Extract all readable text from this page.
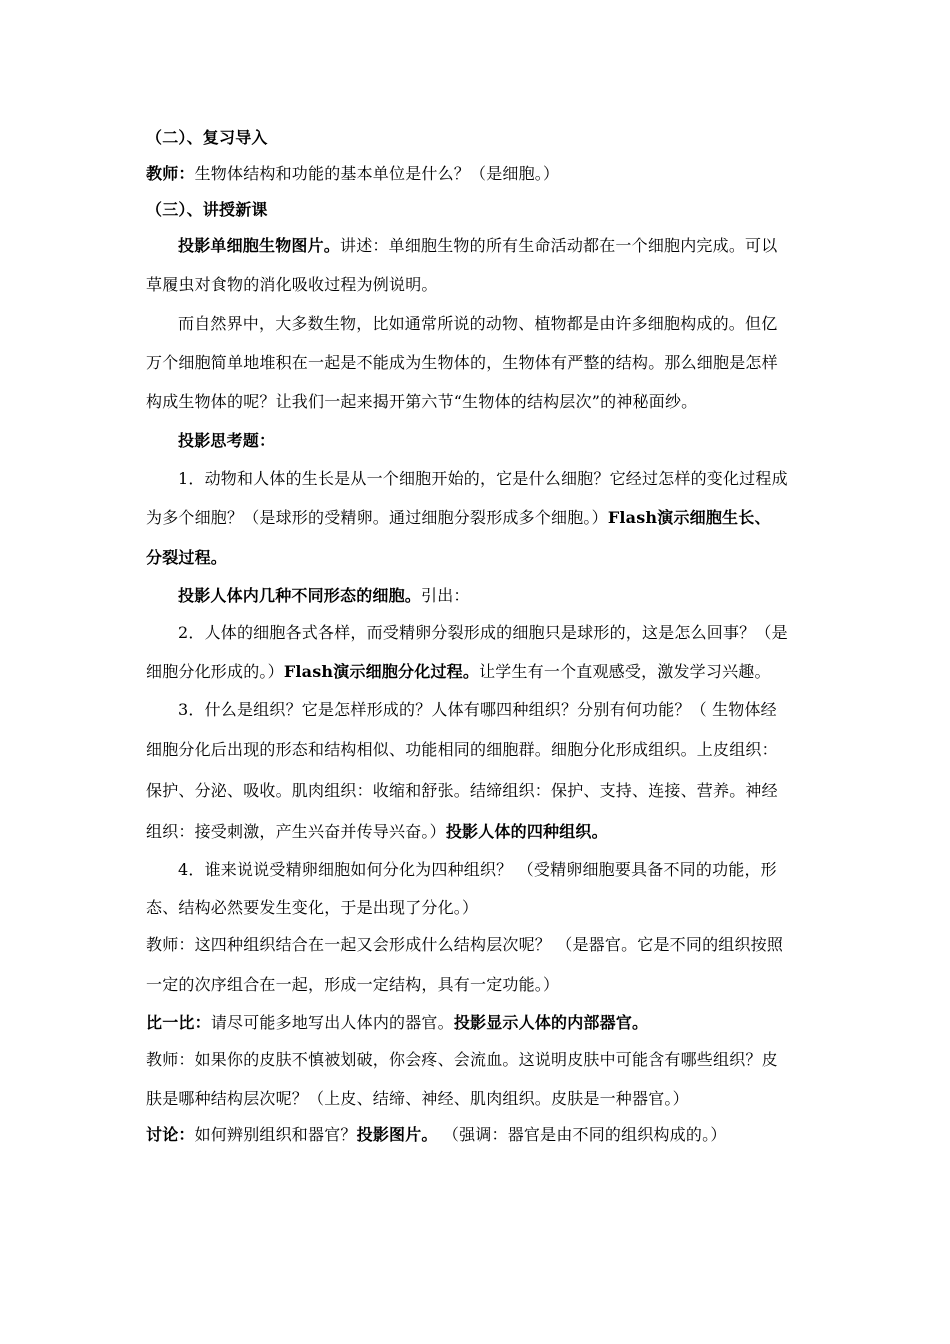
（二）、复习导入
教师：生物体结构和功能的基本单位是什么？（是细胞。）
（三）、讲授新课
投影单细胞生物图片。讲述：单细胞生物的所有生命活动都在一个细胞内完成。可以
草履虫对食物的消化吸收过程为例说明。
而自然界中，大多数生物，比如通常所说的动物、植物都是由许多细胞构成的。但亿
万个细胞简单地堆积在一起是不能成为生物体的，生物体有严整的结构。那么细胞是怎样
构成生物体的呢？让我们一起来揭开第六节“生物体的结构层次”的神秘面纱。
投影思考题：
1．动物和人体的生长是从一个细胞开始的，它是什么细胞？它经过怎样的变化过程成
为多个细胞？（是球形的受精卵。通过细胞分裂形成多个细胞。）Flash演示细胞生长、
分裂过程。
投影人体内几种不同形态的细胞。引出：
2．人体的细胞各式各样，而受精卵分裂形成的细胞只是球形的，这是怎么回事？（是
细胞分化形成的。）Flash演示细胞分化过程。让学生有一个直观感受，激发学习兴趣。
3．什么是组织？它是怎样形成的？人体有哪四种组织？分别有何功能？（ 生物体经
细胞分化后出现的形态和结构相似、功能相同的细胞群。细胞分化形成组织。上皮组织：
保护、分泌、吸收。肌肉组织：收缩和舒张。结缔组织：保护、支持、连接、营养。神经
组织：接受刺激，产生兴奋并传导兴奋。）投影人体的四种组织。
4．谁来说说受精卵细胞如何分化为四种组织？ （受精卵细胞要具备不同的功能，形
态、结构必然要发生变化，于是出现了分化。）
教师：这四种组织结合在一起又会形成什么结构层次呢？ （是器官。它是不同的组织按照
一定的次序组合在一起，形成一定结构，具有一定功能。）
比一比：请尽可能多地写出人体内的器官。投影显示人体的内部器官。
教师：如果你的皮肤不慎被划破，你会疼、会流血。这说明皮肤中可能含有哪些组织？皮
肤是哪种结构层次呢？（上皮、结缔、神经、肌肉组织。皮肤是一种器官。）
讨论：如何辨别组织和器官？投影图片。 （强调：器官是由不同的组织构成的。）
